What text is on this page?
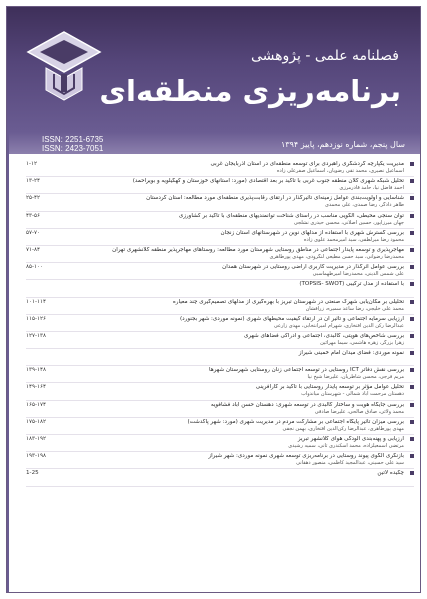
فصلنامه علمی - پژوهشی
برنامه‌ریزی منطقه‌ای
ISSN: 2251-6735
ISSN: 2423-7051
مدیریت یکپارچه گردشگری راهبردی برای توسعه منطقه‌ای در استان آذربایجان غربی
اسماعیل نصیری، محمد تقی رضویان، اسماعیل صفرعلی زاده
۱-۱۲
تحلیل شبکه شهری کلان منطقه جنوب غربی با تأکید بر بعد اقتصادی (مورد: استانهای خوزستان و کهگیلویه و بویراحمد)
احمد فاضل نیا، حامد قادرمرزی
۱۳-۲۴
شناسایی و اولویت‌بندی عوامل زمینه‌ای تأثیرگذار در ارتقای رقابت‌پذیری منطقه‌ای مورد مطالعه: استان کردستان
طاهر دادگر، رضا صمدی، علی محمدی
۲۵-۴۲
توان سنجی محیطی، الگویی مناسب در راستای شناخت توانمندیهای منطقه‌ای با تأکید بر کشاورزی
جهان میرزاپور، حسین اصلانی، محسن حیدری نشلجی
۴۳-۵۶
بررسی گسترش شهری با استفاده از مدلهای نوین در شهرستانهای استان زنجان
محمود رضا میرلطفی، سید امیرمحمد علوی زاده
۵۷-۷۰
مهاجرپذیری و توسعه پایدار اجتماعی در مناطق روستایی شهرستان مورد مطالعه: روستاهای مهاجرپذیر منطقه کلانشهری تهران
محمدرضا رضوانی، سید حسن مطیعی لنگرودی، مهدی پورطاهری
۷۱-۸۴
بررسی عوامل اثرگذار در مدیریت کاربری اراضی روستایی در شهرستان همدان
علی شمس الدینی، محمدرضا امیرطهماسبی
۸۵-۱۰۰
با استفاده از مدل ترکیبی (TOPSIS- SWOT)
تحلیلی بر مکان‌یابی شهرک صنعتی در شهرستان تبریز با بهره‌گیری از مدلهای تصمیم‌گیری چند معیاره
محمد علی خلیجی، رضا ساعد سمیره، زرافشان
۱۰۱-۱۱۴
ارزیابی سرمایه اجتماعی و تأثیر آن در ارتقاء کیفیت محیطهای شهری (نمونه موردی: شهر بجنورد)
عبدالرضا رکن الدین افتخاری، شهرام امیرانتخابی، مهدی زارعی
۱۱۵-۱۲۶
بررسی شاخص‌های هویتی، کالبدی، اجتماعی و ادراکی فضاهای شهری
زهرا بزرگر، زهره هاشمی، سیما مهرآئین
۱۲۷-۱۳۸
نمونه موردی: فضای میدان امام خمینی شیراز
بررسی نقش دفاتر ICT روستایی در توسعه اجتماعی زنان روستایی شهرستان شهرها
مریم فرجی، محسن شاطریان، علیرضا شیخ نیا
۱۳۹-۱۴۸
تحلیل عوامل مؤثر بر توسعه پایدار روستایی با تأکید بر کارآفرینی
دهستان مرحمت آباد شمالی - شهرستان میاندوآب
۱۴۹-۱۶۴
بررسی جایگاه هویت و ساختار کالبدی در توسعه شهری: دهستان حسن آباد فشافویه
محمد ولائی، صادق صالحی، علیرضا صادقی
۱۶۵-۱۷۴
بررسی میزان تأثیر پایگاه اجتماعی بر مشارکت مردم در مدیریت شهری (مورد: شهر پاکدشت)
مهدی پورطاهری، عبدالرضا رکن‌الدین افتخاری، بهمن نجفی
۱۷۵-۱۸۲
ارزیابی و پهنه‌بندی آلودگی هوای کلانشهر تبریز
مرتضی اسمعیلزاده، محمد اسکندری ثانی، سمیه رشیدی
۱۸۳-۱۹۲
بازنگری الگوی پیوند روستایی در برنامه‌ریزی توسعه شهری نمونه موردی: شهر شیراز
سید علی حسینی، عبدالمجید کاظمی، منصور دهقانی
۱۹۳-۱۹۸
چکیده لاتین
1-25
سال پنجم، شماره نوزدهم، پاییز ۱۳۹۴
